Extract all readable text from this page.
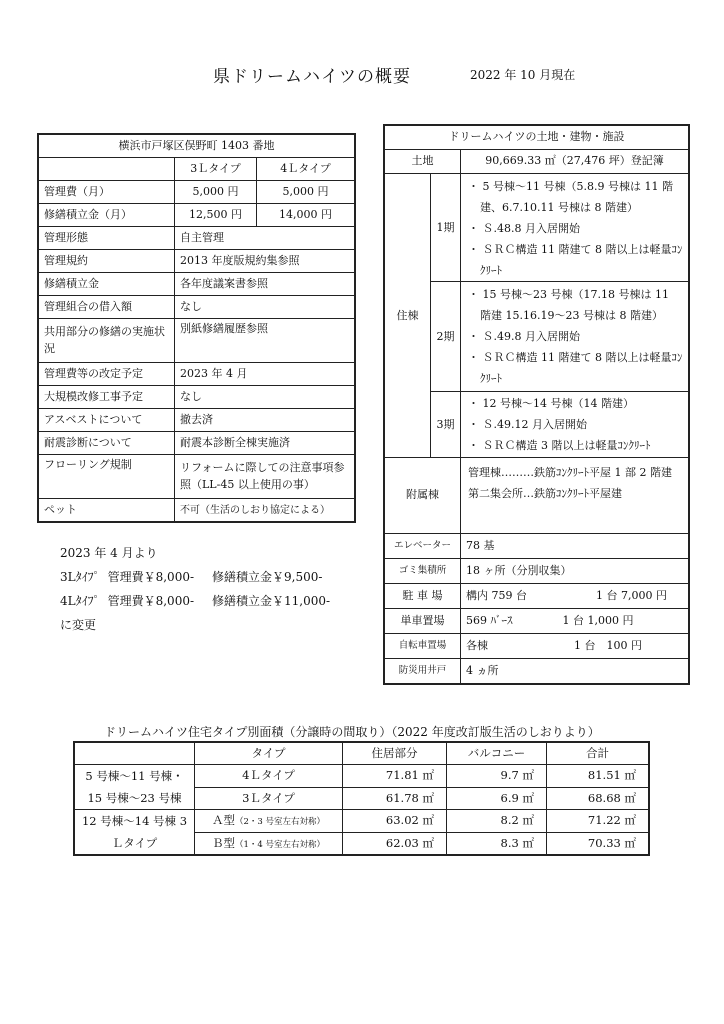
県ドリームハイツの概要	2022 年 10 月現在
横浜市戸塚区俣野町 1403 番地		
	3Ｌタイプ	4Ｌタイプ
管理費（月）	5,000 円	5,000 円
修繕積立金（月）	12,500 円	14,000 円
管理形態	自主管理	
管理規約	2013 年度版規約集参照	
修繕積立金	各年度議案書参照	
管理組合の借入額	なし	
共用部分の修繕の実施状況	別紙修繕履歴参照	
管理費等の改定予定	2023 年 4 月	
大規模改修工事予定	なし	
アスベストについて	撤去済	
耐震診断について	耐震本診断全棟実施済	
フローリング規制	リフォームに際しての注意事項参照（LL-45 以上使用の事）	
ペット	不可（生活のしおり協定による）	
2023 年 4 月より
3Lﾀｲﾌﾟ 管理費￥8,000- 修繕積立金￥9,500-
4Lﾀｲﾌﾟ 管理費￥8,000- 修繕積立金￥11,000-
に変更
ドリームハイツの土地・建物・施設		
土地		90,669.33 ㎡（27,476 坪）登記簿

住棟	1期	・ 5 号棟～11 号棟（5.8.9 号棟は 11 階建、6.7.10.11 号棟は 8 階建）
・ Ｓ.48.8 月入居開始
・ ＳＲＣ構造 11 階建て 8 階以上は軽量ｺﾝｸﾘｰﾄ

	2期	・ 15 号棟～23 号棟（17.18 号棟は 11 階建 15.16.19～23 号棟は 8 階建）
・ Ｓ.49.8 月入居開始
・ ＳＲＣ構造 11 階建て 8 階以上は軽量ｺﾝｸﾘｰﾄ

	3期	・ 12 号棟～14 号棟（14 階建）
・ Ｓ.49.12 月入居開始
・ ＳＲＣ構造 3 階以上は軽量ｺﾝｸﾘｰﾄ

附属棟		管理棟………鉄筋ｺﾝｸﾘｰﾄ平屋 1 部 2 階建
第二集会所…鉄筋ｺﾝｸﾘｰﾄ平屋建

エレベーター		78 基
ゴミ集積所		18 ヶ所（分別収集）
駐 車 場		構内 759 台 1 台 7,000 円

単車置場		569 ﾊﾞｰｽ 1 台 1,000 円
自転車置場		各棟 1 台　100 円
防災用井戸		4 ヵ所
ドリームハイツ住宅タイプ別面積（分譲時の間取り）（2022 年度改訂版生活のしおりより）
	タイプ	住居部分	バルコニー	合計
5 号棟～11 号棟・15 号棟～23 号棟	4Ｌタイプ	71.81 ㎡	9.7 ㎡	81.51 ㎡
	3Ｌタイプ	61.78 ㎡	6.9 ㎡	68.68 ㎡
12 号棟～14 号棟 3Ｌタイプ	Ａ型（2・3 号室左右対称）	63.02 ㎡	8.2 ㎡	71.22 ㎡
	Ｂ型（1・4 号室左右対称）	62.03 ㎡	8.3 ㎡	70.33 ㎡
